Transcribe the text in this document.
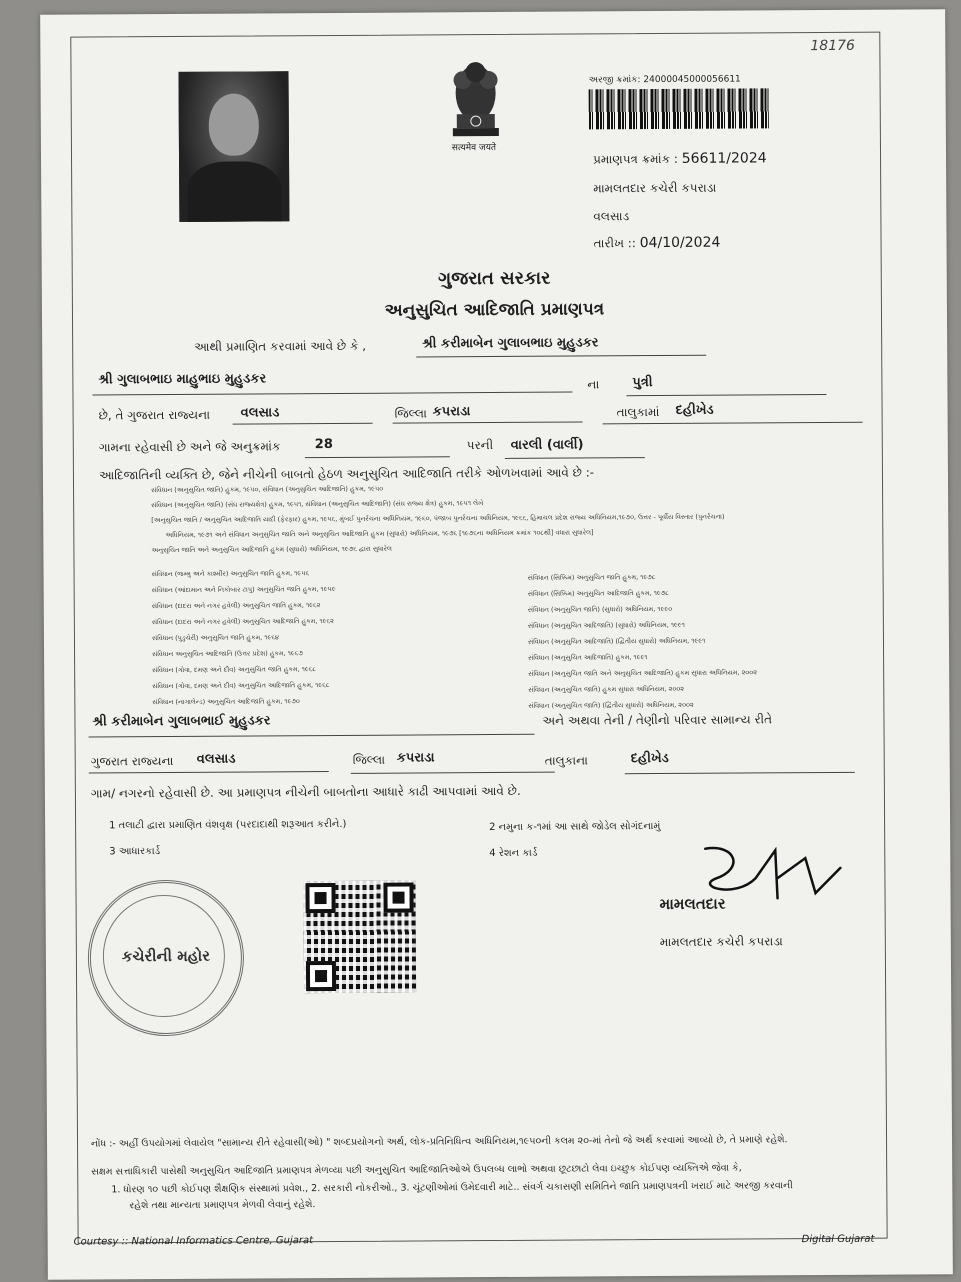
18176
सत्यमेव जयते
અરજી ક્રમાંક: 24000045000056611
પ્રમાણપત્ર ક્રમાંક : 56611/2024
મામલતદાર કચેરી કપરાડા
વલસાડ
તારીખ :: 04/10/2024
ગુજરાત સરકાર
અનુસુચિત આદિજાતિ પ્રમાણપત્ર
આથી પ્રમાણિત કરવામાં આવે છે કે ,	શ્રી કરીમાબેન ગુલાબભાઇ મુહુડકર
શ્રી ગુલાબભાઇ માહુભાઇ મુહુડકર	ના	પુત્રી
છે, તે ગુજરાત રાજ્યના વલસાડ	જિલ્લા કપરાડા	તાલુકામાં દહીખેડ
ગામના રહેવાસી છે અને જે અનુક્રમાંક	28	પરની વારલી (વાર્લી)
આદિજાતિની વ્યક્તિ છે, જેને નીચેની બાબતો હેઠળ અનુસુચિત આદિજાતિ તરીકે ઓળખવામાં આવે છે :-
સંવિધાન (અનુસુચિત જાતિ) હુકમ, ૧૯૫૦, સંવિધાન (અનુસુચિત આદિજાતિ) હુકમ, ૧૯૫૦
સંવિધાન (અનુસુચિત જાતિ) (સંઘ રાજ્યક્ષેત્ર) હુકમ, ૧૯૫૧, સંવિધાન (અનુસુચિત આદિજાતિ) (સંઘ રાજ્ય ક્ષેત્ર) હુકમ, ૧૯૫૧ લેખે
[અનુસુચિત જાતિ / અનુસુચિત આદિજાતિ યાદી (ફેરફાર) હુકમ, ૧૯૫૬, મુંબઈ પુનર્રચના અધિનિયમ, ૧૯૬૦, પંજાબ પુનર્રચના અધિનિયમ, ૧૯૬૬, હિમાચલ પ્રદેશ રાજ્ય અધિનિયમ,૧૯૭૦, ઉત્તર - પૂર્વીય વિસ્તાર (પુનર્રચના)
અધિનિયમ, ૧૯૭૧ અને સંવિધાન અનુસુચિત જાતિ અને અનુસુચિત આદિજાતિ હુકમ (સુધારો) અધિનિયમ, ૧૯૭૬ [૧૯૭૬ના અધિનિયમ ક્રમાંક ૧૦૮થી] વધારા સુધારેલ]
અનુસુચિત જાતિ અને અનુસુચિત આદિજાતિ હુકમ (સુધારો) અધિનિયમ, ૧૯૭૬ દ્વારા સુધારેલ
સંવિધાન (જમ્મુ અને કાશ્મીર) અનુસુચિત જાતિ હુકમ, ૧૯૫૬
સંવિધાન (આંદામાન અને નિકોબાર ટાપુ) અનુસુચિત જાતિ હુકમ, ૧૯૫૯
સંવિધાન (દાદરા અને નગર હવેલી) અનુસુચિત જાતિ હુકમ, ૧૯૬૨
સંવિધાન (દાદરા અને નગર હવેલી) અનુસુચિત આદિજાતિ હુકમ, ૧૯૬૨
સંવિધાન (પુડુચેરી) અનુસુચિત જાતિ હુકમ, ૧૯૬૪
સંવિધાન અનુસુચિત આદિજાતિ (ઉત્તર પ્રદેશ) હુકમ, ૧૯૬૭
સંવિધાન (ગોવા, દમણ અને દીવ) અનુસુચિત જાતિ હુકમ, ૧૯૬૮
સંવિધાન (ગોવા, દમણ અને દીવ) અનુસુચિત આદિજાતિ હુકમ, ૧૯૬૮
સંવિધાન (નાગાલેન્ડ) અનુસુચિત આદિજાતિ હુકમ, ૧૯૭૦
સંવિધાન (સિક્કિમ) અનુસુચિત જાતિ હુકમ, ૧૯૭૮
સંવિધાન (સિક્કિમ) અનુસુચિત આદિજાતિ હુકમ, ૧૯૭૮
સંવિધાન (અનુસુચિત જાતિ) (સુધારો) અધિનિયમ, ૧૯૯૦
સંવિધાન (અનુસુચિત આદિજાતિ) (સુધારો) અધિનિયમ, ૧૯૯૧
સંવિધાન (અનુસુચિત આદિજાતિ) (દ્વિતીય સુધારો) અધિનિયમ, ૧૯૯૧
સંવિધાન (અનુસુચિત આદિજાતિ) હુકમ, ૧૯૯૧
સંવિધાન (અનુસુચિત જાતિ અને અનુસુચિત આદિજાતિ) હુકમ સુધારા અધિનિયમ, ૨૦૦૨
સંવિધાન (અનુસુચિત જાતિ) હુકમ સુધારા અધિનિયમ, ૨૦૦૨
સંવિધાન (અનુસુચિત જાતિ) (દ્વિતીય સુધારો) અધિનિયમ, ૨૦૦૨
શ્રી કરીમાબેન ગુલાબભાઈ મુહુડકર	અને અથવા તેની / તેણીનો પરિવાર સામાન્ય રીતે
ગુજરાત રાજ્યના વલસાડ	જિલ્લા કપરાડા	તાલુકાના	દહીખેડ
ગામ/ નગરનો રહેવાસી છે. આ પ્રમાણપત્ર નીચેની બાબતોના આધારે કાઢી આપવામાં આવે છે.
1 તલાટી દ્વારા પ્રમાણિત વંશવૃક્ષ (પરદાદાથી શરૂઆત કરીને.)	2 નમુના ક-૧માં આ સાથે જોડેલ સોગંદનામું
3 આધારકાર્ડ	4 રેશન કાર્ડ
કચેરીની મહોર
મામલતદાર
મામલતદાર કચેરી કપરાડા
નોંધ :- અહીં ઉપયોગમાં લેવાયેલ "સામાન્ય રીતે રહેવાસી(ઓ) " શબ્દપ્રયોગનો અર્થ, લોક-પ્રતિનિધિત્વ અધિનિયમ,૧૯૫૦ની કલમ ૨૦-માં તેનો જે અર્થ કરવામાં આવ્યો છે, તે પ્રમાણે રહેશે.
સક્ષમ સત્તાધિકારી પાસેથી અનુસુચિત આદિજાતિ પ્રમાણપત્ર મેળવ્યા પછી અનુસુચિત આદિજાતિઓએ ઉપલબ્ધ લાભો અથવા છૂટછાટો લેવા ઇચ્છુક કોઈપણ વ્યક્તિએ જેવા કે,
1. ધોરણ ૧૦ પછી કોઈપણ શૈક્ષણિક સંસ્થામાં પ્રવેશ., 2. સરકારી નોકરીઓ., 3. ચૂંટણીઓમાં ઉમેદવારી માટે.. સંવર્ગ ચકાસણી સમિતિને જાતિ પ્રમાણપત્રની ખરાઈ માટે અરજી કરવાની
રહેશે તથા માન્યતા પ્રમાણપત્ર મેળવી લેવાનું રહેશે.
Courtesy :: National Informatics Centre, Gujarat	Digital Gujarat
